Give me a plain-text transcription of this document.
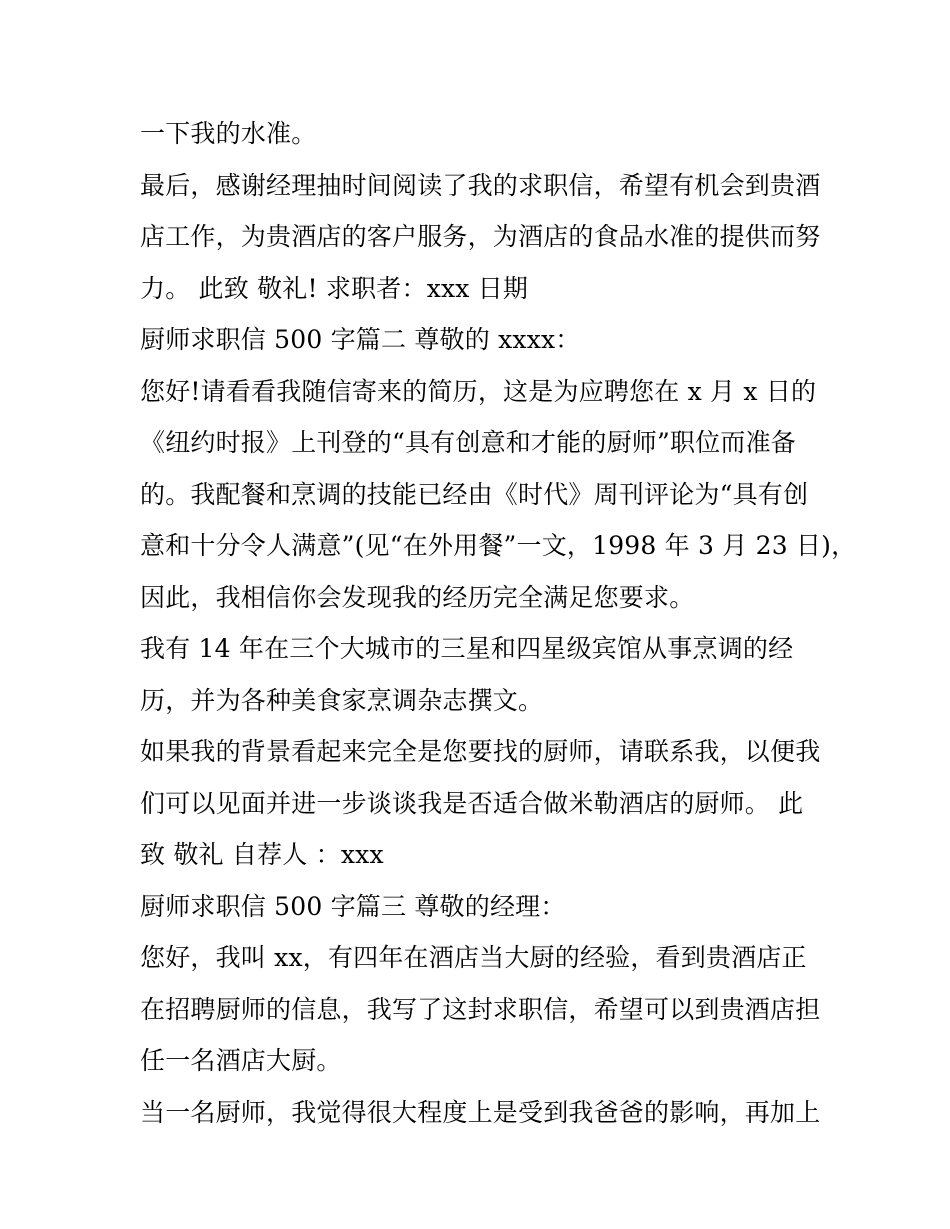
一下我的水准。
最后，感谢经理抽时间阅读了我的求职信，希望有机会到贵酒
店工作，为贵酒店的客户服务，为酒店的食品水准的提供而努
力。 此致 敬礼! 求职者：xxx 日期
厨师求职信 500 字篇二 尊敬的 xxxx：
您好!请看看我随信寄来的简历，这是为应聘您在 x 月 x 日的
《纽约时报》上刊登的“具有创意和才能的厨师”职位而准备
的。我配餐和烹调的技能已经由《时代》周刊评论为“具有创
意和十分令人满意”(见“在外用餐”一文，1998 年 3 月 23 日)，
因此，我相信你会发现我的经历完全满足您要求。
我有 14 年在三个大城市的三星和四星级宾馆从事烹调的经
历，并为各种美食家烹调杂志撰文。
如果我的背景看起来完全是您要找的厨师，请联系我，以便我
们可以见面并进一步谈谈我是否适合做米勒酒店的厨师。 此
致 敬礼 自荐人 ：xxx
厨师求职信 500 字篇三 尊敬的经理：
您好，我叫 xx，有四年在酒店当大厨的经验，看到贵酒店正
在招聘厨师的信息，我写了这封求职信，希望可以到贵酒店担
任一名酒店大厨。
当一名厨师，我觉得很大程度上是受到我爸爸的影响，再加上
